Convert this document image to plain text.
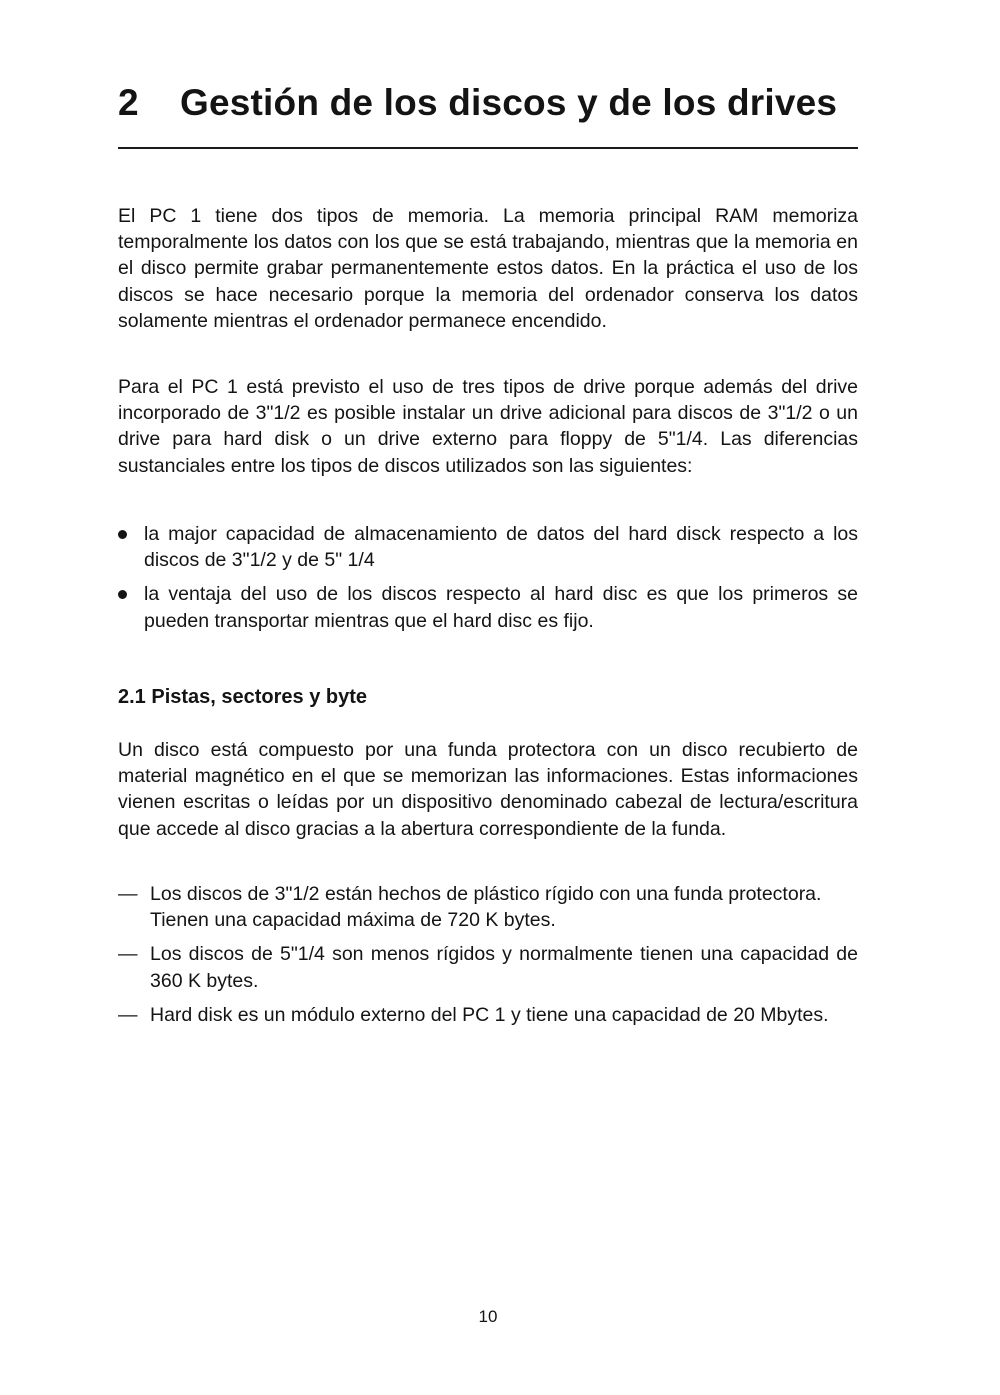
2 Gestión de los discos y de los drives

El PC 1 tiene dos tipos de memoria. La memoria principal RAM memoriza temporalmente los datos con los que se está trabajando, mientras que la memoria en el disco permite grabar permanentemente estos datos. En la práctica el uso de los discos se hace necesario porque la memoria del ordenador conserva los datos solamente mientras el ordenador permanece encendido.

Para el PC 1 está previsto el uso de tres tipos de drive porque además del drive incorporado de 3"1/2 es posible instalar un drive adicional para discos de 3"1/2 o un drive para hard disk o un drive externo para floppy de 5"1/4. Las diferencias sustanciales entre los tipos de discos utilizados son las siguientes:

la major capacidad de almacenamiento de datos del hard disck respecto a los discos de 3"1/2 y de 5" 1/4
la ventaja del uso de los discos respecto al hard disc es que los primeros se pueden transportar mientras que el hard disc es fijo.
2.1 Pistas, sectores y byte

Un disco está compuesto por una funda protectora con un disco recubierto de material magnético en el que se memorizan las informaciones. Estas informaciones vienen escritas o leídas por un dispositivo denominado cabezal de lectura/escritura que accede al disco gracias a la abertura correspondiente de la funda.

— Los discos de 3"1/2 están hechos de plástico rígido con una funda protectora.
Tienen una capacidad máxima de 720 K bytes.
— Los discos de 5"1/4 son menos rígidos y normalmente tienen una capacidad de 360 K bytes.
— Hard disk es un módulo externo del PC 1 y tiene una capacidad de 20 Mbytes.
10
